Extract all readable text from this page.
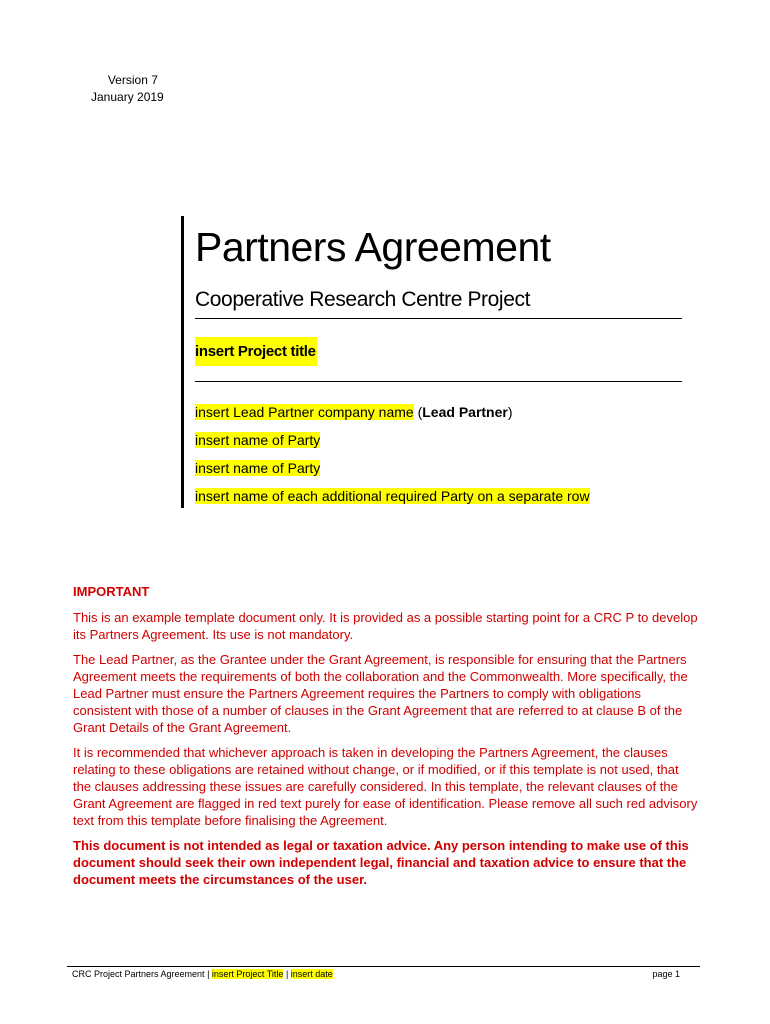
Version 7
January 2019
Partners Agreement
Cooperative Research Centre Project
insert Project title
insert Lead Partner company name (Lead Partner)
insert name of Party
insert name of Party
insert name of each additional required Party on a separate row
IMPORTANT

This is an example template document only. It is provided as a possible starting point for a CRC P to develop its Partners Agreement. Its use is not mandatory.

The Lead Partner, as the Grantee under the Grant Agreement, is responsible for ensuring that the Partners Agreement meets the requirements of both the collaboration and the Commonwealth. More specifically, the Lead Partner must ensure the Partners Agreement requires the Partners to comply with obligations consistent with those of a number of clauses in the Grant Agreement that are referred to at clause B of the Grant Details of the Grant Agreement.

It is recommended that whichever approach is taken in developing the Partners Agreement, the clauses relating to these obligations are retained without change, or if modified, or if this template is not used, that the clauses addressing these issues are carefully considered. In this template, the relevant clauses of the Grant Agreement are flagged in red text purely for ease of identification. Please remove all such red advisory text from this template before finalising the Agreement.

This document is not intended as legal or taxation advice. Any person intending to make use of this document should seek their own independent legal, financial and taxation advice to ensure that the document meets the circumstances of the user.

CRC Project Partners Agreement | insert Project Title | insert date	page 1
